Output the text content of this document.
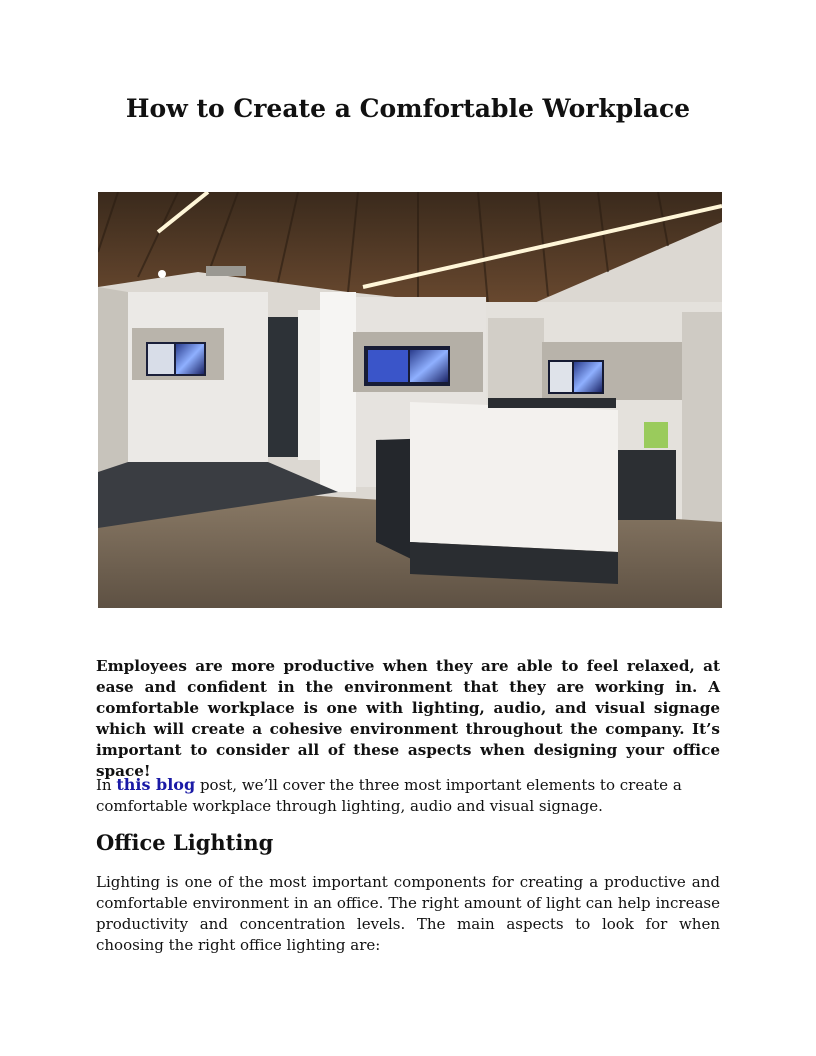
How to Create a Comfortable Workplace

Employees are more productive when they are able to feel relaxed, at ease and confident in the environment that they are working in. A comfortable workplace is one with lighting, audio, and visual signage which will create a cohesive environment throughout the company. It’s important to consider all of these aspects when designing your office space!

In this blog post, we’ll cover the three most important elements to create a comfortable workplace through lighting, audio and visual signage.

Office Lighting

Lighting is one of the most important components for creating a productive and comfortable environment in an office. The right amount of light can help increase productivity and concentration levels. The main aspects to look for when choosing the right office lighting are:
